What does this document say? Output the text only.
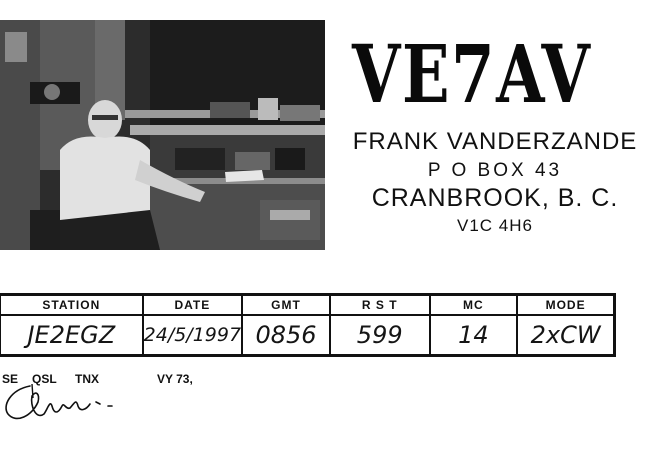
VE7AV
FRANK VANDERZANDE
P O BOX 43
CRANBROOK, B. C.
V1C 4H6
STATION	DATE	GMT	R S T	MC	MODE
JE2EGZ	24/5/1997	0856	599	14	2xCW
SE QSL TNX	VY 73,
